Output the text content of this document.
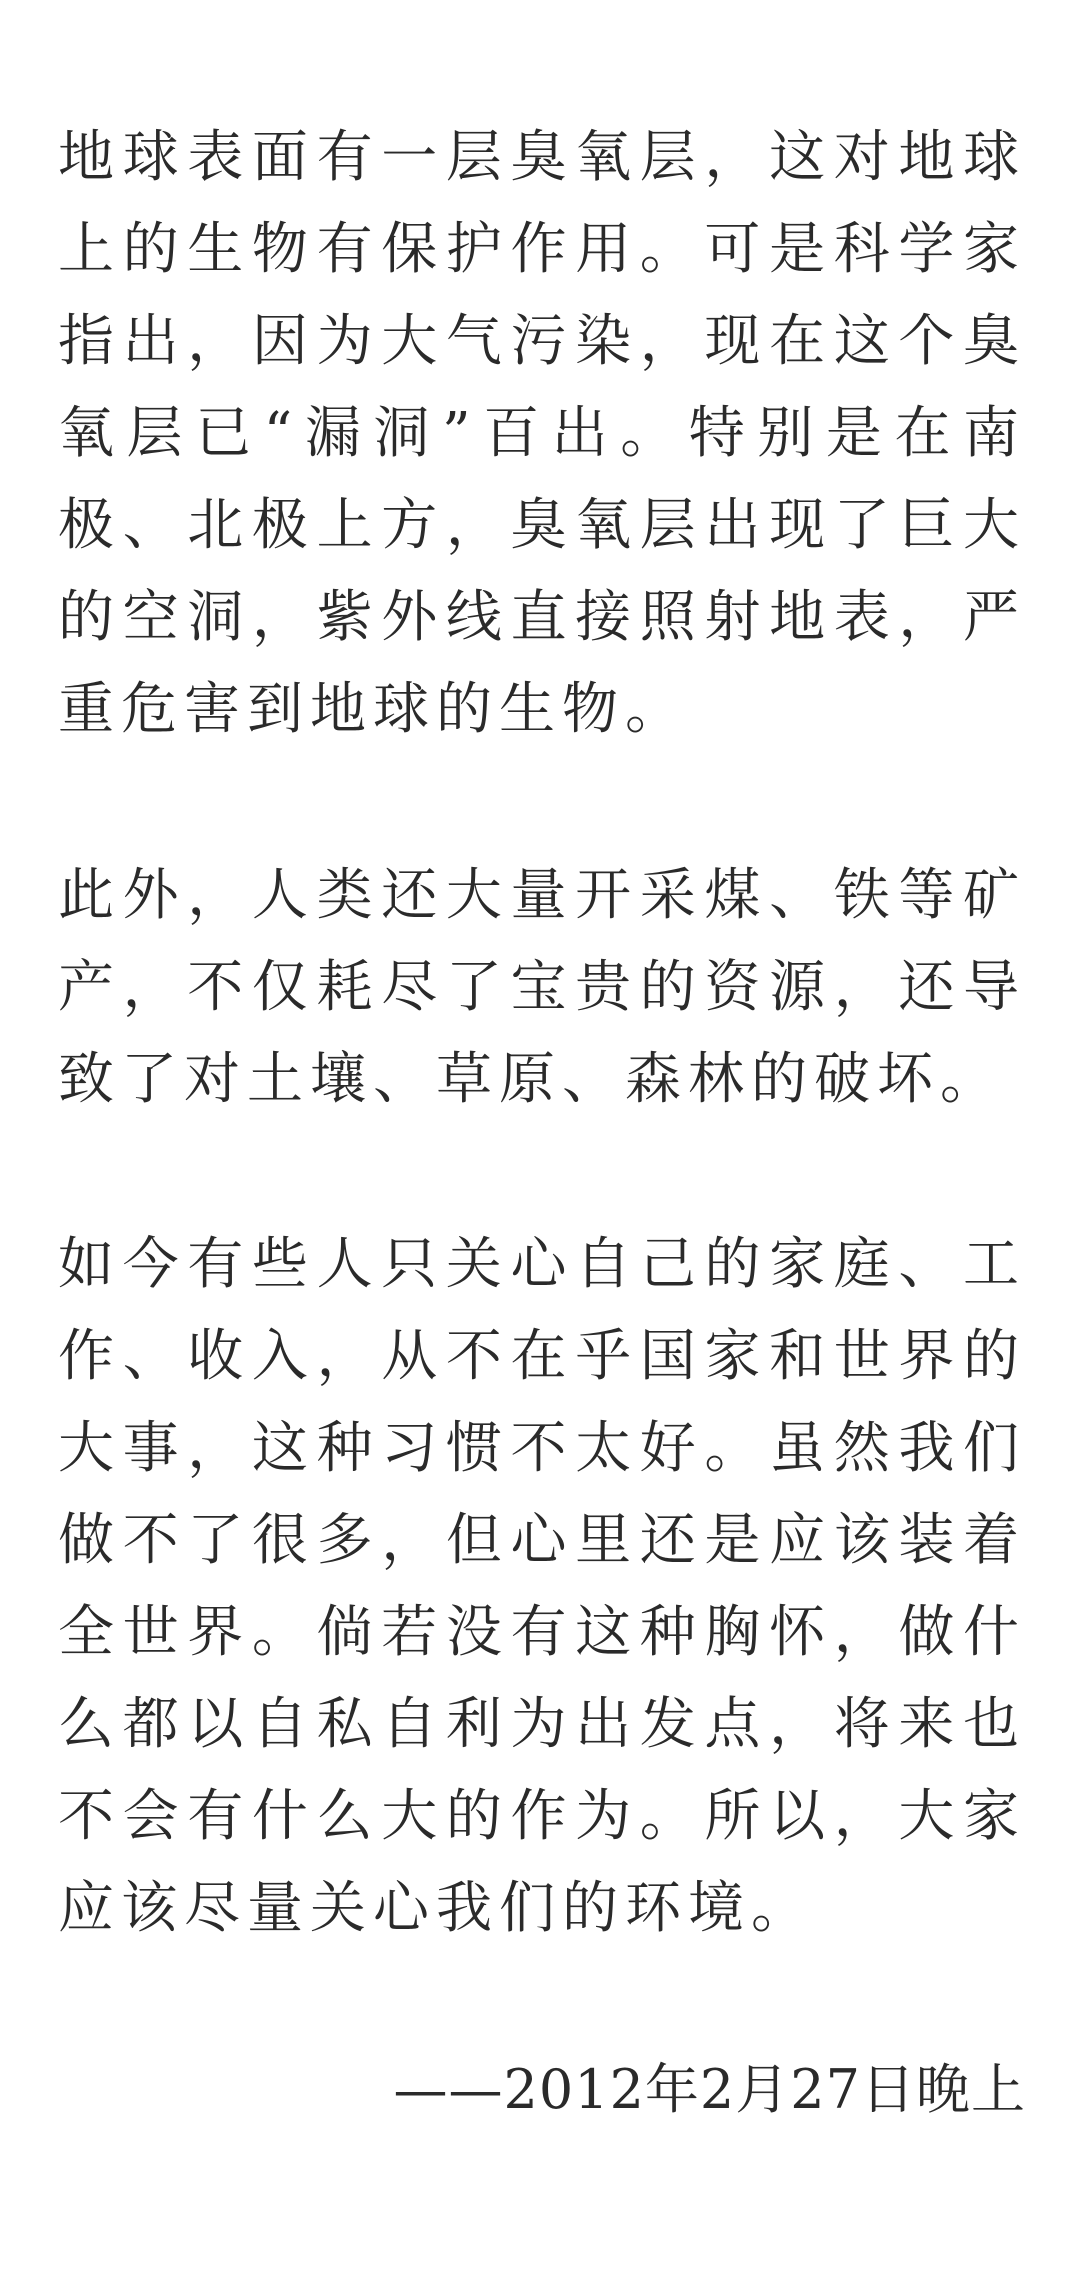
地球表面有一层臭氧层，这对地球上的生物有保护作用。可是科学家指出，因为大气污染，现在这个臭氧层已“漏洞”百出。特别是在南极、北极上方，臭氧层出现了巨大的空洞，紫外线直接照射地表，严重危害到地球的生物。
此外，人类还大量开采煤、铁等矿产，不仅耗尽了宝贵的资源，还导致了对土壤、草原、森林的破坏。
如今有些人只关心自己的家庭、工作、收入，从不在乎国家和世界的大事，这种习惯不太好。虽然我们做不了很多，但心里还是应该装着全世界。倘若没有这种胸怀，做什么都以自私自利为出发点，将来也不会有什么大的作为。所以，大家应该尽量关心我们的环境。
——2012年2月27日晚上
